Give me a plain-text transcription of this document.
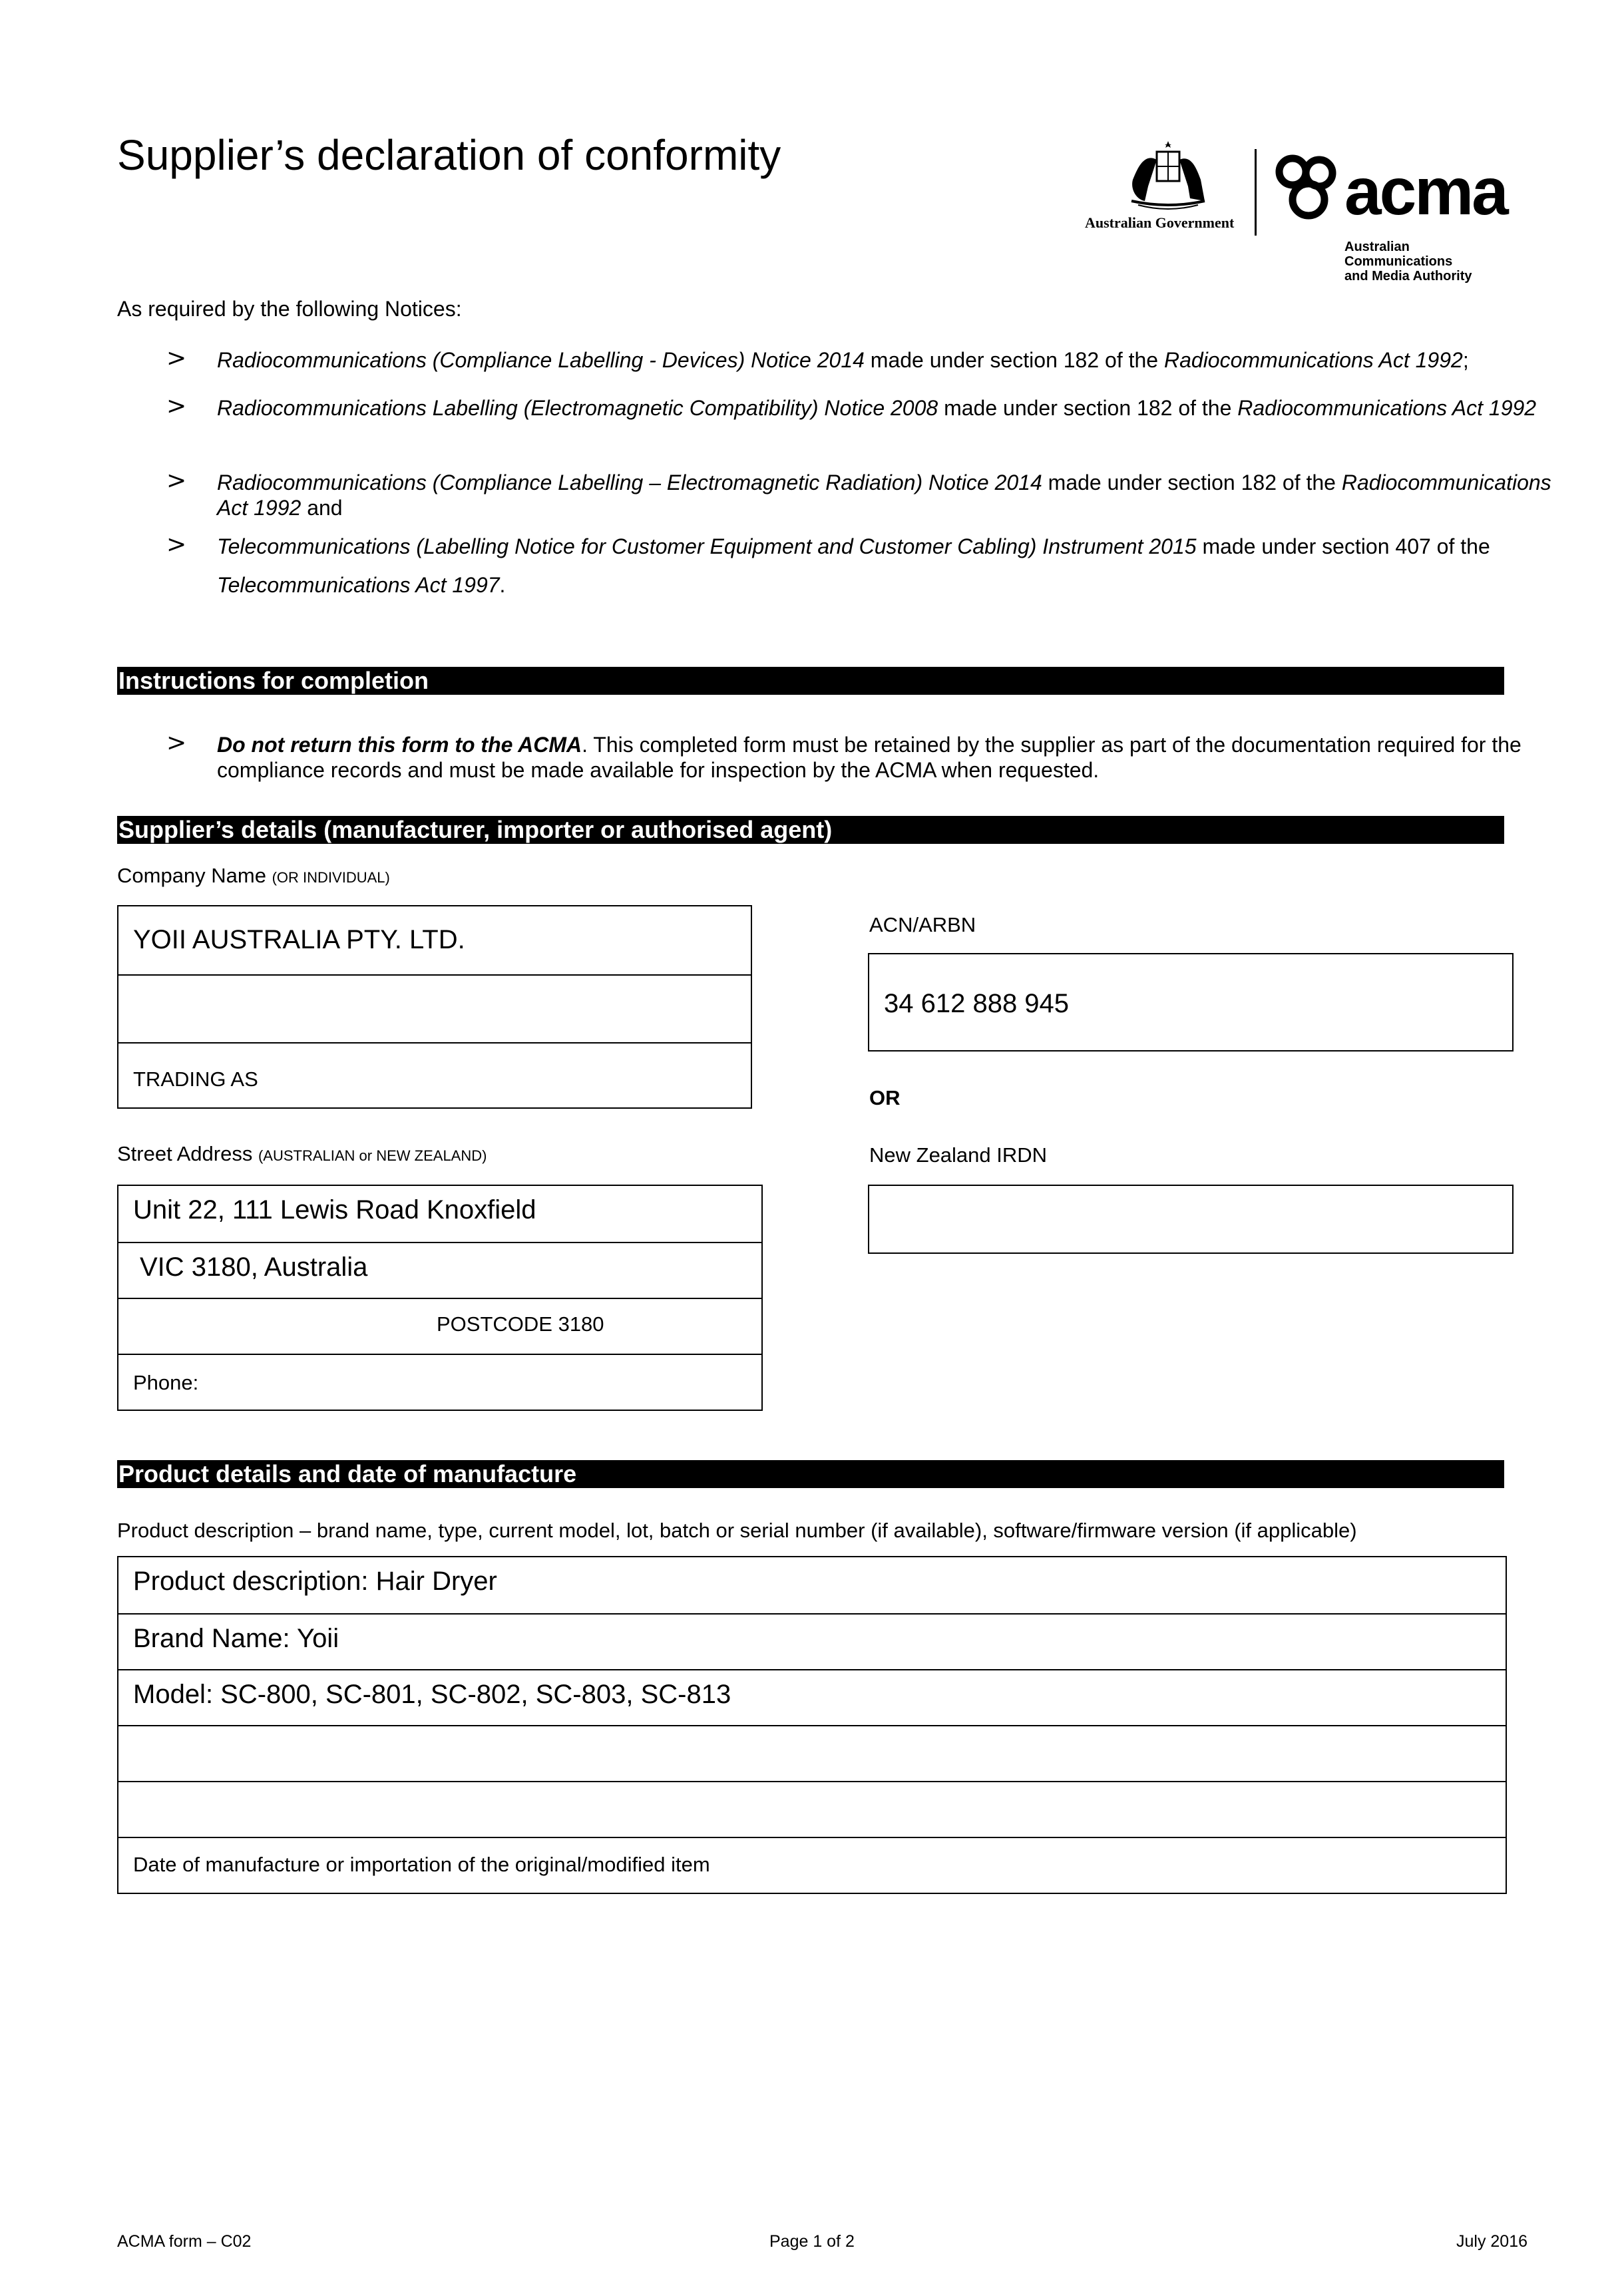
Supplier’s declaration of conformity
Australian Government acma
Australian
Communications
and Media Authority
As required by the following Notices:
> Radiocommunications (Compliance Labelling - Devices) Notice 2014 made under section 182 of the Radiocommunications Act 1992;
> Radiocommunications Labelling (Electromagnetic Compatibility) Notice 2008 made under section 182 of the Radiocommunications Act 1992
> Radiocommunications (Compliance Labelling – Electromagnetic Radiation) Notice 2014 made under section 182 of the Radiocommunications Act 1992 and
> Telecommunications (Labelling Notice for Customer Equipment and Customer Cabling) Instrument 2015 made under section 407 of the Telecommunications Act 1997.
Instructions for completion
> Do not return this form to the ACMA. This completed form must be retained by the supplier as part of the documentation required for the compliance records and must be made available for inspection by the ACMA when requested.
Supplier’s details (manufacturer, importer or authorised agent)
Company Name (OR INDIVIDUAL)
YOII AUSTRALIA PTY. LTD.
TRADING AS
ACN/ARBN
34 612 888 945
OR
Street Address (AUSTRALIAN or NEW ZEALAND)	New Zealand IRDN
Unit 22, 111 Lewis Road Knoxfield
VIC 3180, Australia
POSTCODE 3180
Phone:
Product details and date of manufacture
Product description – brand name, type, current model, lot, batch or serial number (if available), software/firmware version (if applicable)
Product description: Hair Dryer
Brand Name: Yoii
Model: SC-800, SC-801, SC-802, SC-803, SC-813
Date of manufacture or importation of the original/modified item
ACMA form – C02	Page 1 of 2	July 2016
